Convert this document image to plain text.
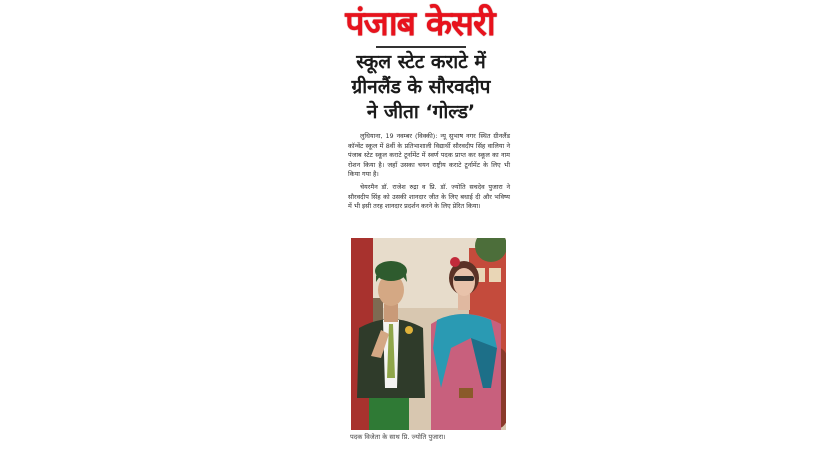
पंजाब केसरी
स्कूल स्टेट कराटे में
ग्रीनलैंड के सौरवदीप
ने जीता ‘गोल्ड’

लुधियाना, 19 नवम्बर (विक्की): न्यू सुभाष नगर स्थित ग्रीनलैंड कॉन्वेंट स्कूल में 8वीं के प्रतिभाशाली विद्यार्थी सौरवदीप सिंह वालिया ने पंजाब स्टेट स्कूल कराटे टूर्नामेंट में स्वर्ण पदक प्राप्त कर स्कूल का नाम रोशन किया है। जहाँ उसका चयन राष्ट्रीय कराटे टूर्नामेंट के लिए भी किया गया है।

चेयरमैन डॉ. राजेश रुद्रा व प्रि. डॉ. ज्योति सचदेव पुजारा ने सौरवदीप सिंह को उसकी शानदार जीत के लिए बधाई दी और भविष्य में भी इसी तरह शानदार प्रदर्शन करने के लिए प्रेरित किया।

पदक विजेता के साथ प्रि. ज्योति पुजारा।
